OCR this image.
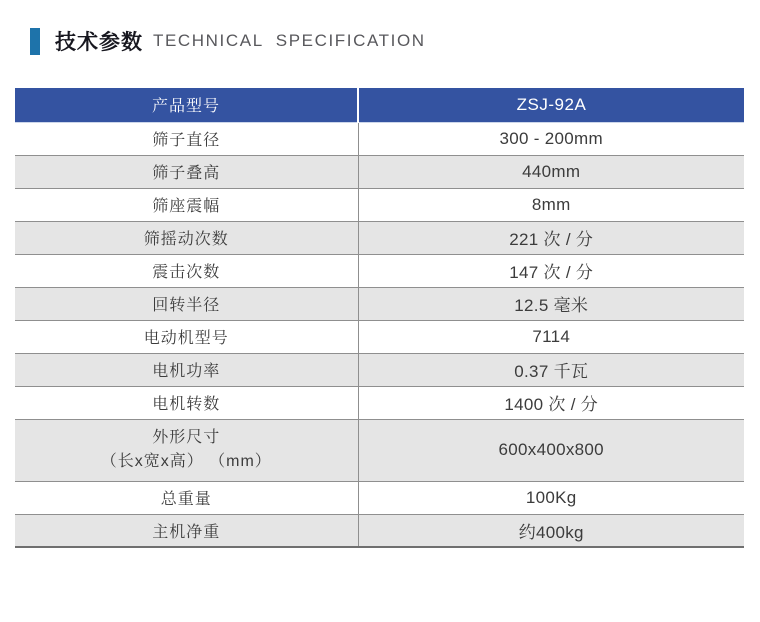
技术参数 TECHNICAL  SPECIFICATION
产品型号	ZSJ-92A
筛子直径	300 - 200mm
筛子叠高	440mm
筛座震幅	8mm
筛摇动次数	221 次 / 分
震击次数	147 次 / 分
回转半径	12.5 毫米
电动机型号	7114
电机功率	0.37 千瓦
电机转数	1400 次 / 分

外形尺寸
（长x宽x高） （mm）	600x400x800
总重量	100Kg
主机净重	约400kg
